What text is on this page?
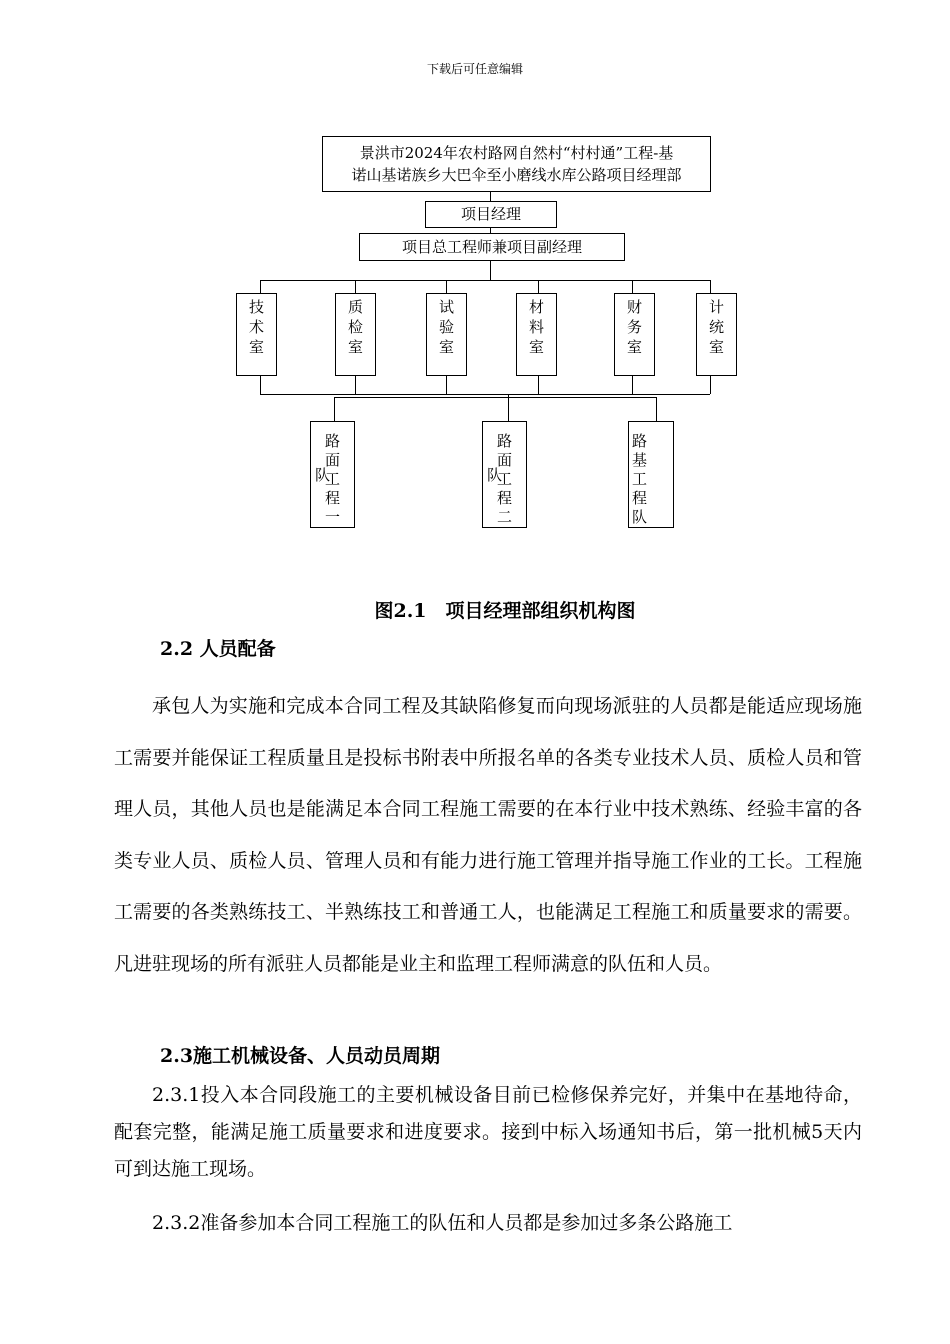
下载后可任意编辑
景洪市2024年农村路网自然村“村村通”工程-基
诺山基诺族乡大巴伞至小磨线水库公路项目经理部
项目经理
项目总工程师兼项目副经理
技
术
室
质
检
室
试
验
室
材
料
室
财
务
室
计
统
室
路
面
工
程
一
队
路
面
工
程
二
队
路
基
工
程
队
图2.1　项目经理部组织机构图
2.2 人员配备

承包人为实施和完成本合同工程及其缺陷修复而向现场派驻的人员都是能适应现场施工需要并能保证工程质量且是投标书附表中所报名单的各类专业技术人员、质检人员和管理人员，其他人员也是能满足本合同工程施工需要的在本行业中技术熟练、经验丰富的各类专业人员、质检人员、管理人员和有能力进行施工管理并指导施工作业的工长。工程施工需要的各类熟练技工、半熟练技工和普通工人，也能满足工程施工和质量要求的需要。凡进驻现场的所有派驻人员都能是业主和监理工程师满意的队伍和人员。

2.3施工机械设备、人员动员周期

2.3.1投入本合同段施工的主要机械设备目前已检修保养完好，并集中在基地待命，配套完整，能满足施工质量要求和进度要求。接到中标入场通知书后，第一批机械5天内可到达施工现场。

2.3.2准备参加本合同工程施工的队伍和人员都是参加过多条公路施工
